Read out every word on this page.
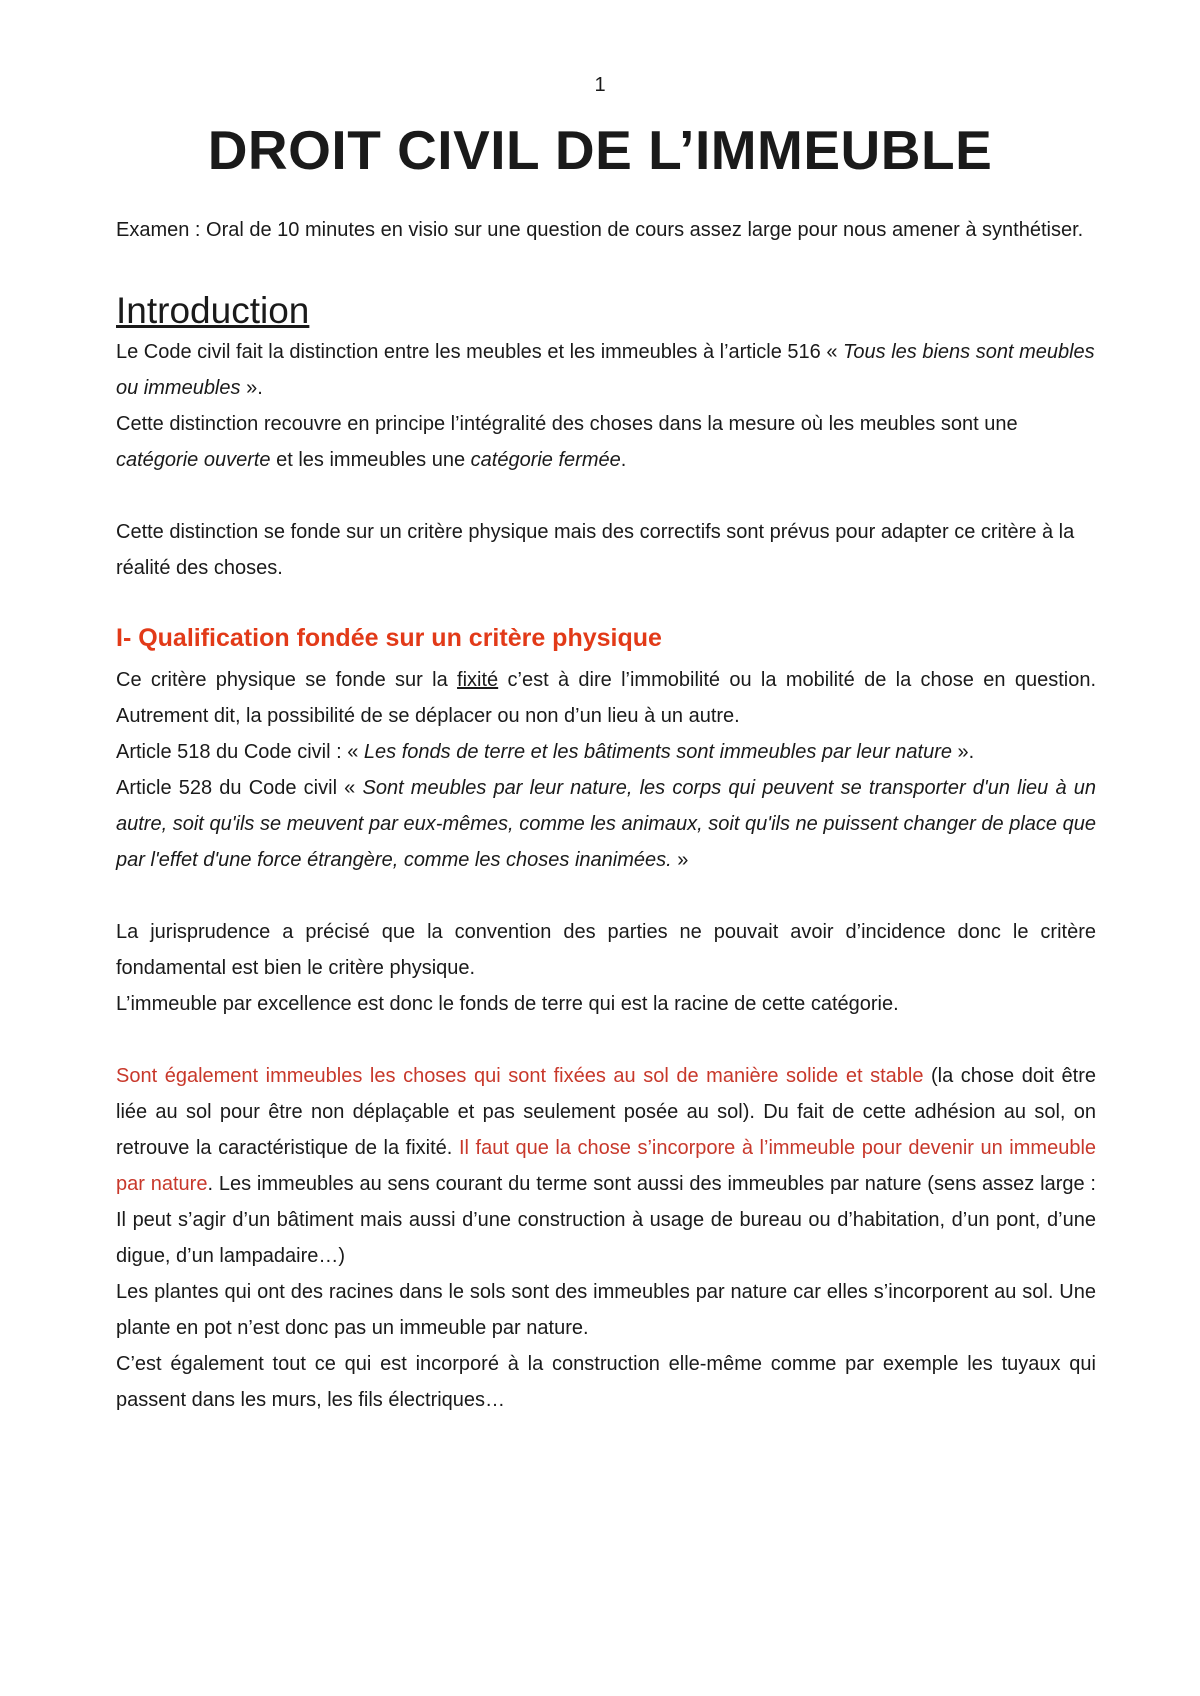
1
DROIT CIVIL DE L’IMMEUBLE

Examen : Oral de 10 minutes en visio sur une question de cours assez large pour nous amener à synthétiser.

Introduction

Le Code civil fait la distinction entre les meubles et les immeubles à l’article 516 « Tous les biens sont meubles ou immeubles ».

Cette distinction recouvre en principe l’intégralité des choses dans la mesure où les meubles sont une catégorie ouverte et les immeubles une catégorie fermée.

Cette distinction se fonde sur un critère physique mais des correctifs sont prévus pour adapter ce critère à la réalité des choses.

I- Qualification fondée sur un critère physique

Ce critère physique se fonde sur la fixité c’est à dire l’immobilité ou la mobilité de la chose en question. Autrement dit, la possibilité de se déplacer ou non d’un lieu à un autre.

Article 518 du Code civil : « Les fonds de terre et les bâtiments sont immeubles par leur nature ».

Article 528 du Code civil « Sont meubles par leur nature, les corps qui peuvent se transporter d'un lieu à un autre, soit qu'ils se meuvent par eux-mêmes, comme les animaux, soit qu'ils ne puissent changer de place que par l'effet d'une force étrangère, comme les choses inanimées. »

La jurisprudence a précisé que la convention des parties ne pouvait avoir d’incidence donc le critère fondamental est bien le critère physique.

L’immeuble par excellence est donc le fonds de terre qui est la racine de cette catégorie.

Sont également immeubles les choses qui sont fixées au sol de manière solide et stable (la chose doit être liée au sol pour être non déplaçable et pas seulement posée au sol). Du fait de cette adhésion au sol, on retrouve la caractéristique de la fixité. Il faut que la chose s’incorpore à l’immeuble pour devenir un immeuble par nature. Les immeubles au sens courant du terme sont aussi des immeubles par nature (sens assez large : Il peut s’agir d’un bâtiment mais aussi d’une construction à usage de bureau ou d’habitation, d’un pont, d’une digue, d’un lampadaire…)

Les plantes qui ont des racines dans le sols sont des immeubles par nature car elles s’incorporent au sol. Une plante en pot n’est donc pas un immeuble par nature.

C’est également tout ce qui est incorporé à la construction elle-même comme par exemple les tuyaux qui passent dans les murs, les fils électriques…
